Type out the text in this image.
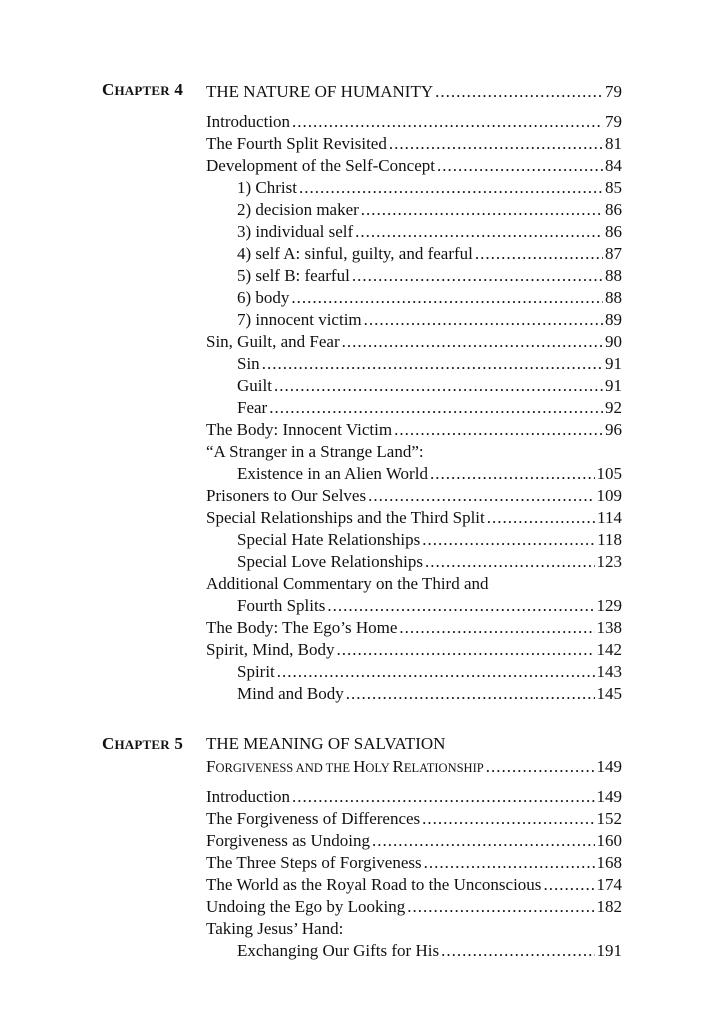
CHAPTER 4 THE NATURE OF HUMANITY .....	79
Introduction .....	79
The Fourth Split Revisited .....	81
Development of the Self-Concept .....	84
1) Christ .....	85
2) decision maker .....	86
3) individual self .....	86
4) self A: sinful, guilty, and fearful .....	87
5) self B: fearful .....	88
6) body .....	88
7) innocent victim .....	89
Sin, Guilt, and Fear .....	90
Sin .....	91
Guilt .....	91
Fear .....	92
The Body: Innocent Victim .....	96
“A Stranger in a Strange Land”:
Existence in an Alien World .....	105
Prisoners to Our Selves .....	109
Special Relationships and the Third Split .....	114
Special Hate Relationships .....	118
Special Love Relationships .....	123
Additional Commentary on the Third and
Fourth Splits .....	129
The Body: The Ego’s Home .....	138
Spirit, Mind, Body .....	142
Spirit .....	143
Mind and Body .....	145
CHAPTER 5 THE MEANING OF SALVATION
FORGIVENESS AND THE HOLY RELATIONSHIP .....	149
Introduction .....	149
The Forgiveness of Differences .....	152
Forgiveness as Undoing .....	160
The Three Steps of Forgiveness .....	168
The World as the Royal Road to the Unconscious .....	174
Undoing the Ego by Looking .....	182
Taking Jesus’ Hand:
Exchanging Our Gifts for His .....	191
